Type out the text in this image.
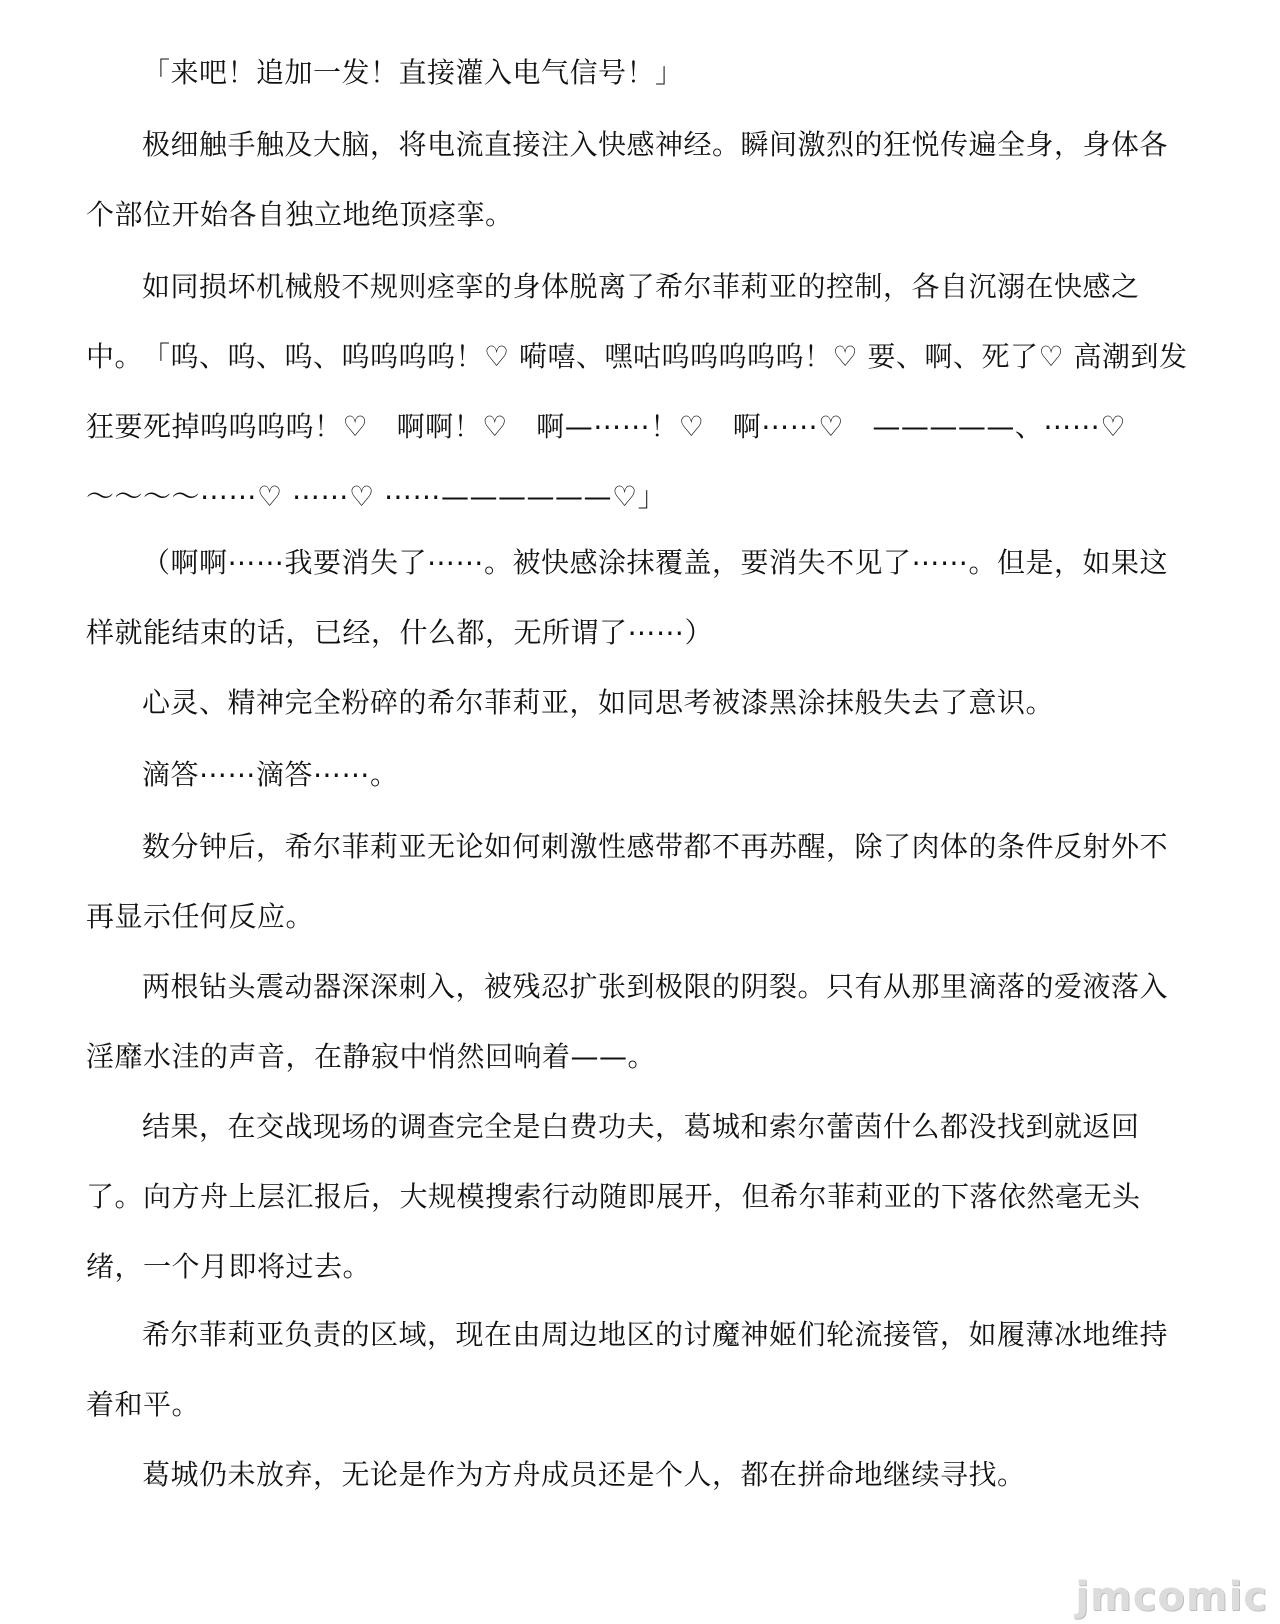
「来吧！追加一发！直接灌入电气信号！」

极细触手触及大脑，将电流直接注入快感神经。瞬间激烈的狂悦传遍全身，身体各个部位开始各自独立地绝顶痉挛。

如同损坏机械般不规则痉挛的身体脱离了希尔菲莉亚的控制，各自沉溺在快感之中。

「呜、呜、呜、呜呜呜呜！♡ 嗬嘻、嘿咕呜呜呜呜呜！♡ 要、啊、死了♡ 高潮到发狂要死掉呜呜呜呜！♡　啊啊！♡　啊—⋯⋯！♡　啊⋯⋯♡　—————、⋯⋯♡ 〜〜〜〜⋯⋯♡ ⋯⋯♡ ⋯⋯——————♡」

（啊啊⋯⋯我要消失了⋯⋯。被快感涂抹覆盖，要消失不见了⋯⋯。但是，如果这样就能结束的话，已经，什么都，无所谓了⋯⋯）

心灵、精神完全粉碎的希尔菲莉亚，如同思考被漆黑涂抹般失去了意识。

滴答⋯⋯滴答⋯⋯。

数分钟后，希尔菲莉亚无论如何刺激性感带都不再苏醒，除了肉体的条件反射外不再显示任何反应。

两根钻头震动器深深刺入，被残忍扩张到极限的阴裂。只有从那里滴落的爱液落入淫靡水洼的声音，在静寂中悄然回响着——。

结果，在交战现场的调查完全是白费功夫，葛城和索尔蕾茵什么都没找到就返回了。向方舟上层汇报后，大规模搜索行动随即展开，但希尔菲莉亚的下落依然毫无头绪，一个月即将过去。

希尔菲莉亚负责的区域，现在由周边地区的讨魔神姬们轮流接管，如履薄冰地维持着和平。

葛城仍未放弃，无论是作为方舟成员还是个人，都在拼命地继续寻找。

jmcomic
